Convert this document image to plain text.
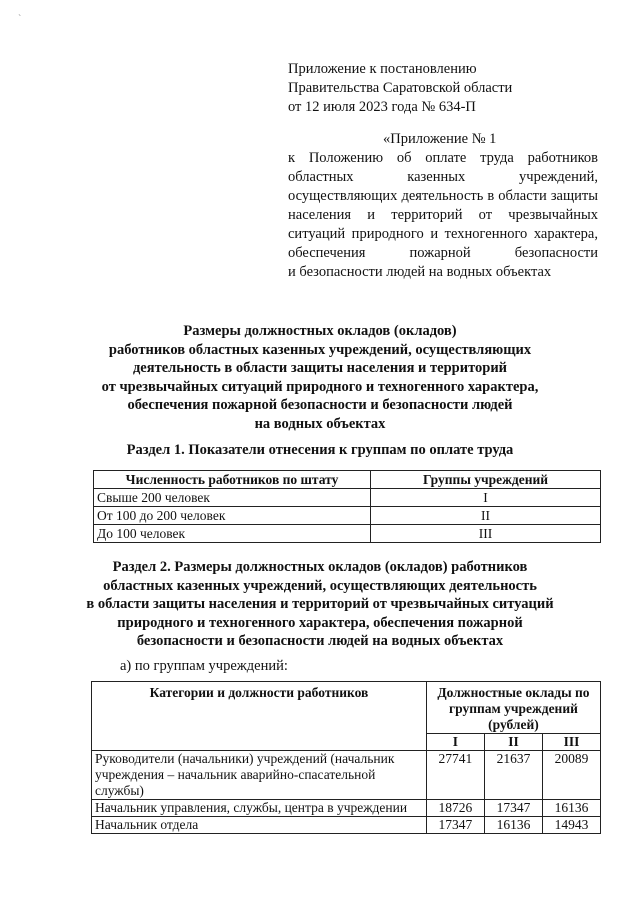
ˋ
Приложение к постановлению
Правительства Саратовской области
от 12 июля 2023 года № 634-П
«Приложение № 1
к Положению об оплате труда работников
областных казенных учреждений,
осуществляющих деятельность в области защиты
населения и территорий от чрезвычайных
ситуаций природного и техногенного характера,
обеспечения пожарной безопасности
и безопасности людей на водных объектах
Размеры должностных окладов (окладов)
работников областных казенных учреждений, осуществляющих
деятельность в области защиты населения и территорий
от чрезвычайных ситуаций природного и техногенного характера,
обеспечения пожарной безопасности и безопасности людей
на водных объектах
Раздел 1. Показатели отнесения к группам по оплате труда
Численность работников по штату	Группы учреждений
Свыше 200 человек	I
От 100 до 200 человек	II
До 100 человек	III
Раздел 2. Размеры должностных окладов (окладов) работников
областных казенных учреждений, осуществляющих деятельность
в области защиты населения и территорий от чрезвычайных ситуаций
природного и техногенного характера, обеспечения пожарной
безопасности и безопасности людей на водных объектах
а) по группам учреждений:
Категории и должности работников	Должностные оклады по группам учреждений (рублей)		
	I	II	III
Руководители (начальники) учреждений (начальник учреждения – начальник аварийно-спасательной службы)	27741	21637	20089
Начальник управления, службы, центра в учреждении	18726	17347	16136
Начальник отдела	17347	16136	14943
